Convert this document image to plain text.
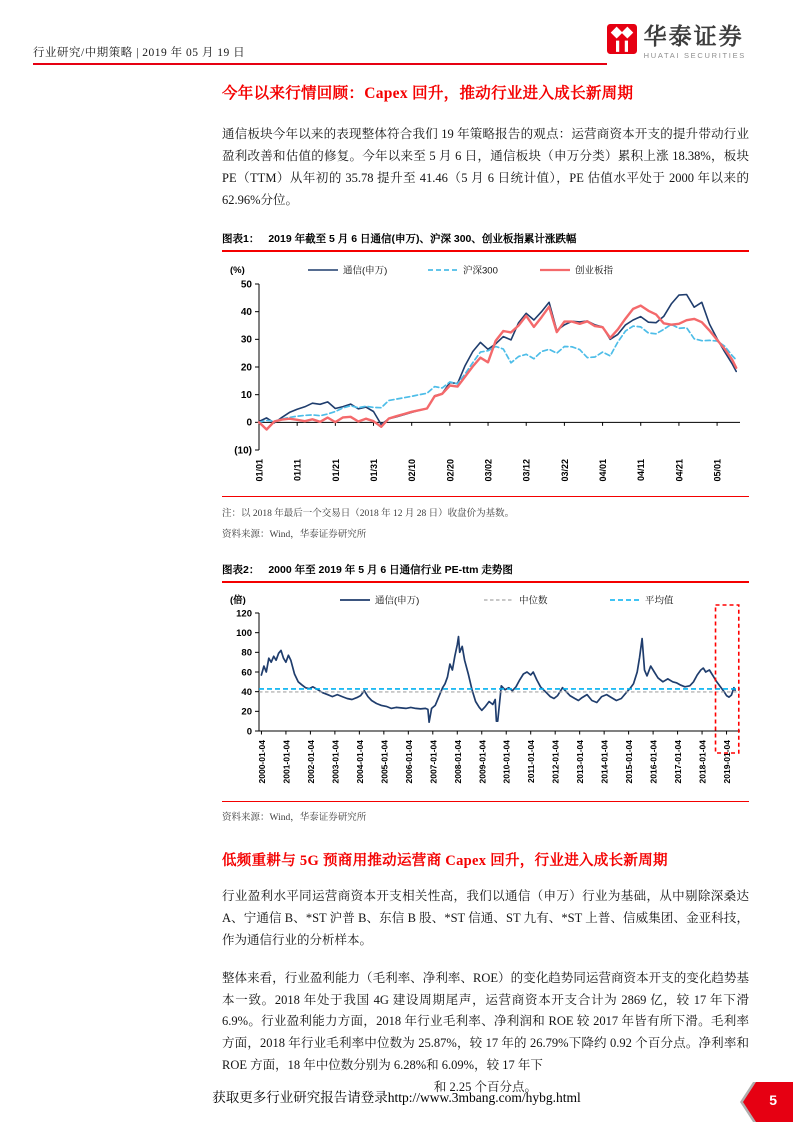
行业研究/中期策略 | 2019 年 05 月 19 日
华泰证券
HUATAI SECURITIES
今年以来行情回顾：Capex 回升，推动行业进入成长新周期

通信板块今年以来的表现整体符合我们 19 年策略报告的观点：运营商资本开支的提升带动行业盈利改善和估值的修复。今年以来至 5 月 6 日，通信板块（申万分类）累积上涨 18.38%，板块 PE（TTM）从年初的 35.78 提升至 41.46（5 月 6 日统计值），PE 估值水平处于 2000 年以来的 62.96%分位。

图表1： 2019 年截至 5 月 6 日通信(申万)、沪深 300、创业板指累计涨跌幅
(10)
0
10
20
30
40
50
01/01	01/11	01/21	01/31	02/10	02/20	03/02	03/12	03/22	04/01	04/11	04/21	05/01
(%)	通信(申万)	沪深300	创业板指
注：以 2018 年最后一个交易日（2018 年 12 月 28 日）收盘价为基数。
资料来源：Wind，华泰证券研究所
图表2： 2000 年至 2019 年 5 月 6 日通信行业 PE-ttm 走势图
0
20
40
60
80
100
120
2000-01-04 2001-01-04 2002-01-04 2003-01-04 2004-01-04 2005-01-04 2006-01-04 2007-01-04 2008-01-04 2009-01-04 2010-01-04 2011-01-04 2012-01-04 2013-01-04 2014-01-04 2015-01-04 2016-01-04 2017-01-04 2018-01-04 2019-01-04
(倍)	通信(申万)	中位数	平均值
资料来源：Wind，华泰证券研究所
低频重耕与 5G 预商用推动运营商 Capex 回升，行业进入成长新周期

行业盈利水平同运营商资本开支相关性高，我们以通信（申万）行业为基础，从中剔除深桑达 A、宁通信 B、*ST 沪普 B、东信 B 股、*ST 信通、ST 九有、*ST 上普、信威集团、金亚科技，作为通信行业的分析样本。

整体来看，行业盈利能力（毛利率、净利率、ROE）的变化趋势同运营商资本开支的变化趋势基本一致。2018 年处于我国 4G 建设周期尾声，运营商资本开支合计为 2869 亿，较 17 年下滑 6.9%。行业盈利能力方面，2018 年行业毛利率、净利润和 ROE 较 2017 年皆有所下滑。毛利率方面，2018 年行业毛利率中位数为 25.87%，较 17 年的 26.79%下降约 0.92 个百分点。净利率和 ROE 方面，18 年中位数分别为 6.28%和 6.09%，较 17 年下

和 2.25 个百分点。
获取更多行业研究报告请登录http://www.3mbang.com/hybg.html	5
